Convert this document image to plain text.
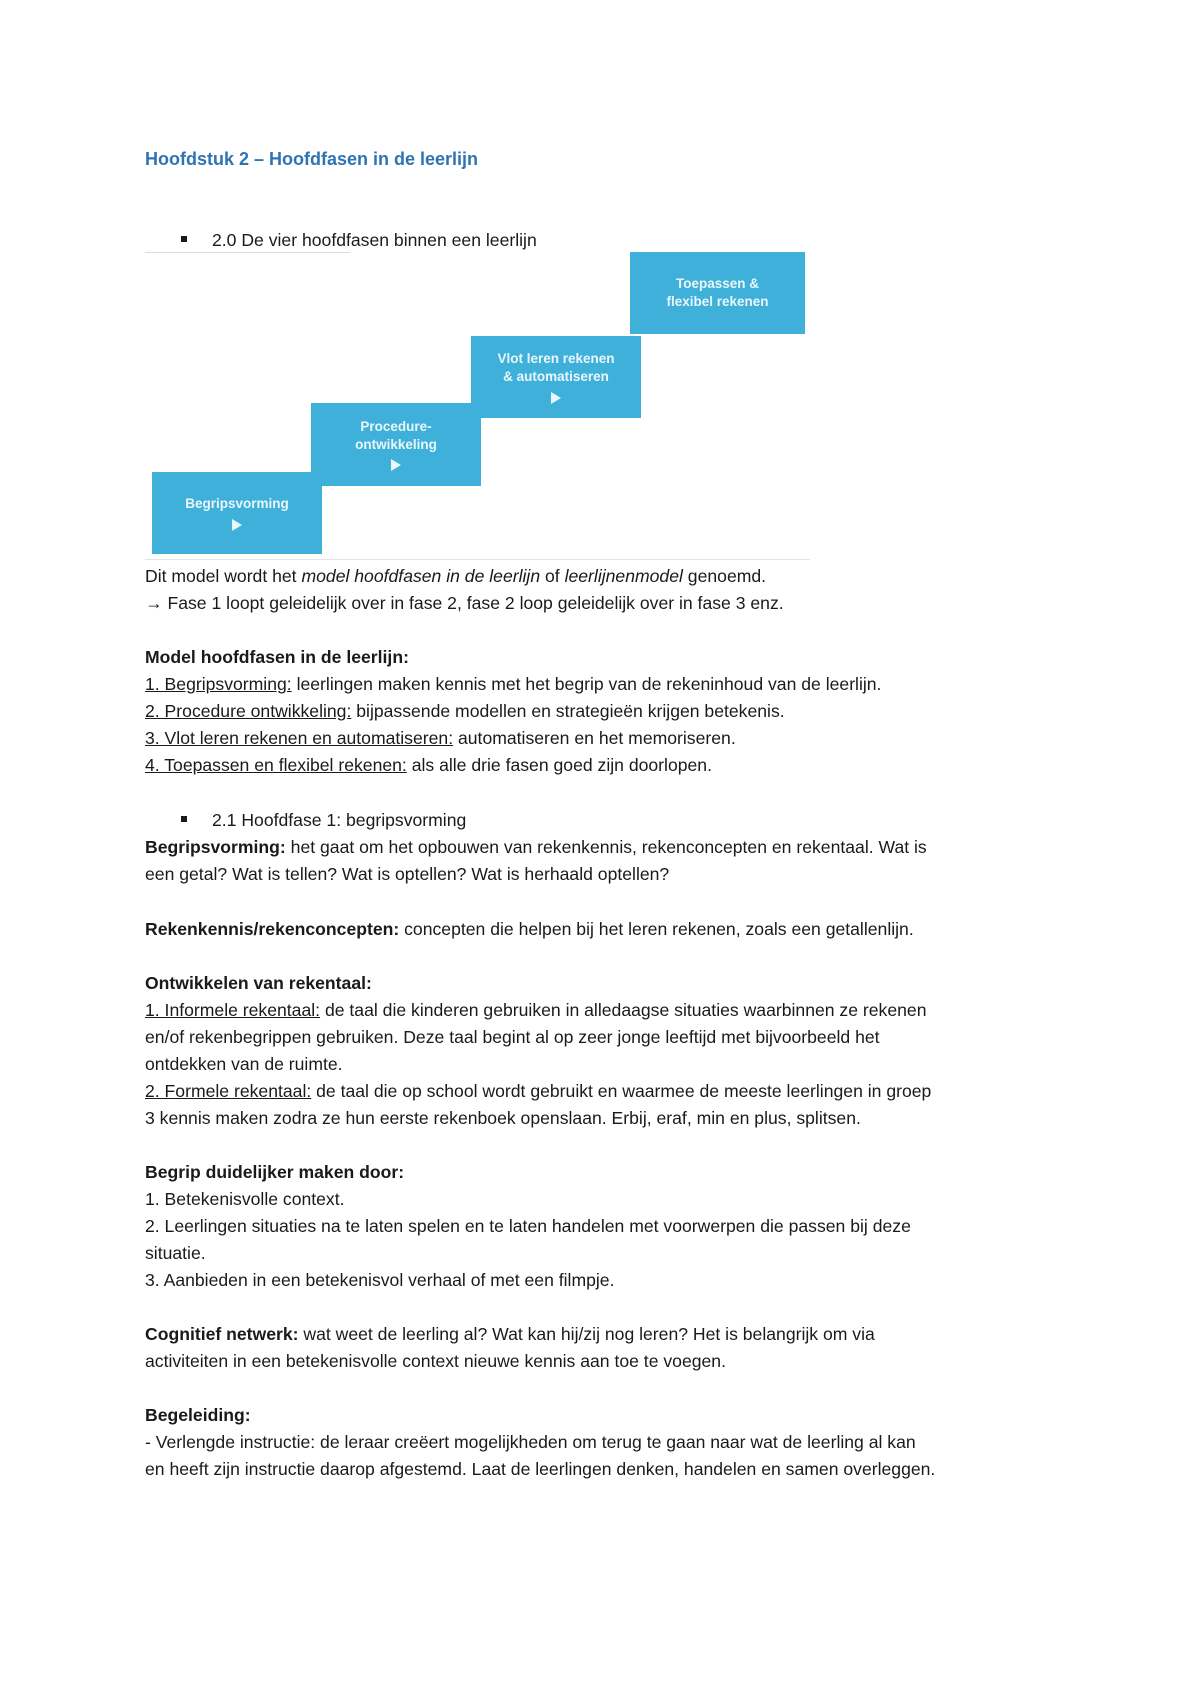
Hoofdstuk 2 – Hoofdfasen in de leerlijn
2.0 De vier hoofdfasen binnen een leerlijn
Begripsvorming
Procedure-
ontwikkeling
Vlot leren rekenen
& automatiseren
Toepassen &
flexibel rekenen
Dit model wordt het model hoofdfasen in de leerlijn of leerlijnenmodel genoemd.
→ Fase 1 loopt geleidelijk over in fase 2, fase 2 loop geleidelijk over in fase 3 enz.
Model hoofdfasen in de leerlijn:
1. Begripsvorming: leerlingen maken kennis met het begrip van de rekeninhoud van de leerlijn.
2. Procedure ontwikkeling: bijpassende modellen en strategieën krijgen betekenis.
3. Vlot leren rekenen en automatiseren: automatiseren en het memoriseren.
4. Toepassen en flexibel rekenen: als alle drie fasen goed zijn doorlopen.
2.1 Hoofdfase 1: begripsvorming
Begripsvorming: het gaat om het opbouwen van rekenkennis, rekenconcepten en rekentaal. Wat is
een getal? Wat is tellen? Wat is optellen? Wat is herhaald optellen?
Rekenkennis/rekenconcepten: concepten die helpen bij het leren rekenen, zoals een getallenlijn.
Ontwikkelen van rekentaal:
1. Informele rekentaal: de taal die kinderen gebruiken in alledaagse situaties waarbinnen ze rekenen
en/of rekenbegrippen gebruiken. Deze taal begint al op zeer jonge leeftijd met bijvoorbeeld het
ontdekken van de ruimte.
2. Formele rekentaal: de taal die op school wordt gebruikt en waarmee de meeste leerlingen in groep
3 kennis maken zodra ze hun eerste rekenboek openslaan. Erbij, eraf, min en plus, splitsen.
Begrip duidelijker maken door:
1. Betekenisvolle context.
2. Leerlingen situaties na te laten spelen en te laten handelen met voorwerpen die passen bij deze
situatie.
3. Aanbieden in een betekenisvol verhaal of met een filmpje.
Cognitief netwerk: wat weet de leerling al? Wat kan hij/zij nog leren? Het is belangrijk om via
activiteiten in een betekenisvolle context nieuwe kennis aan toe te voegen.
Begeleiding:
- Verlengde instructie: de leraar creëert mogelijkheden om terug te gaan naar wat de leerling al kan
en heeft zijn instructie daarop afgestemd. Laat de leerlingen denken, handelen en samen overleggen.
